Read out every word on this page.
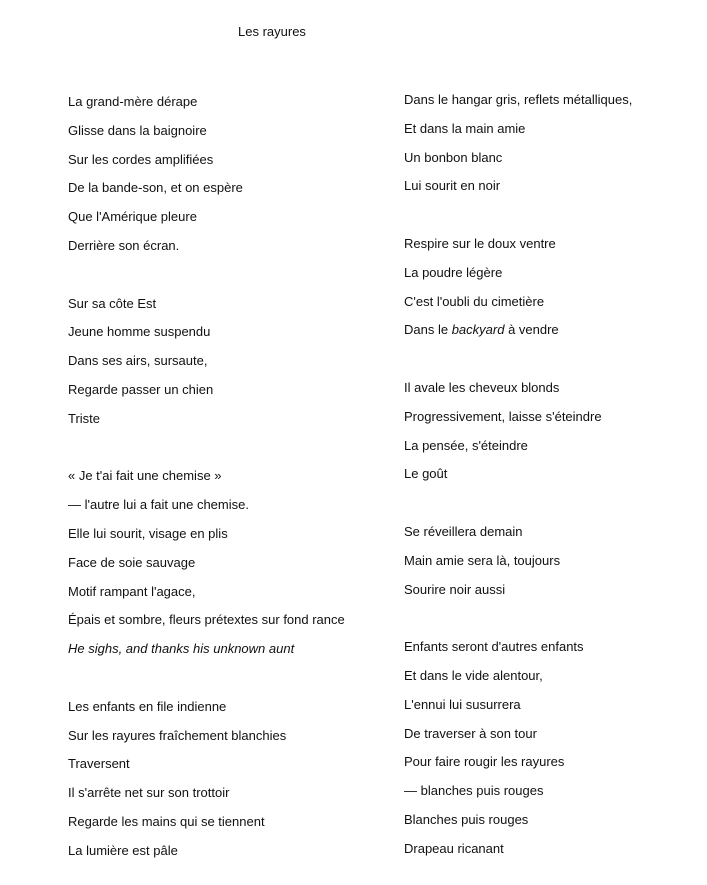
Les rayures
La grand-mère dérape
Glisse dans la baignoire
Sur les cordes amplifiées
De la bande-son, et on espère
Que l'Amérique pleure
Derrière son écran.
Sur sa côte Est
Jeune homme suspendu
Dans ses airs, sursaute,
Regarde passer un chien
Triste
« Je t'ai fait une chemise »
— l'autre lui a fait une chemise.
Elle lui sourit, visage en plis
Face de soie sauvage
Motif rampant l'agace,
Épais et sombre, fleurs prétextes sur fond rance
He sighs, and thanks his unknown aunt
Les enfants en file indienne
Sur les rayures fraîchement blanchies
Traversent
Il s'arrête net sur son trottoir
Regarde les mains qui se tiennent
La lumière est pâle
Dans le hangar gris, reflets métalliques,
Et dans la main amie
Un bonbon blanc
Lui sourit en noir
Respire sur le doux ventre
La poudre légère
C'est l'oubli du cimetière
Dans le backyard à vendre
Il avale les cheveux blonds
Progressivement, laisse s'éteindre
La pensée, s'éteindre
Le goût
Se réveillera demain
Main amie sera là, toujours
Sourire noir aussi
Enfants seront d'autres enfants
Et dans le vide alentour,
L'ennui lui susurrera
De traverser à son tour
Pour faire rougir les rayures
— blanches puis rouges
Blanches puis rouges
Drapeau ricanant
